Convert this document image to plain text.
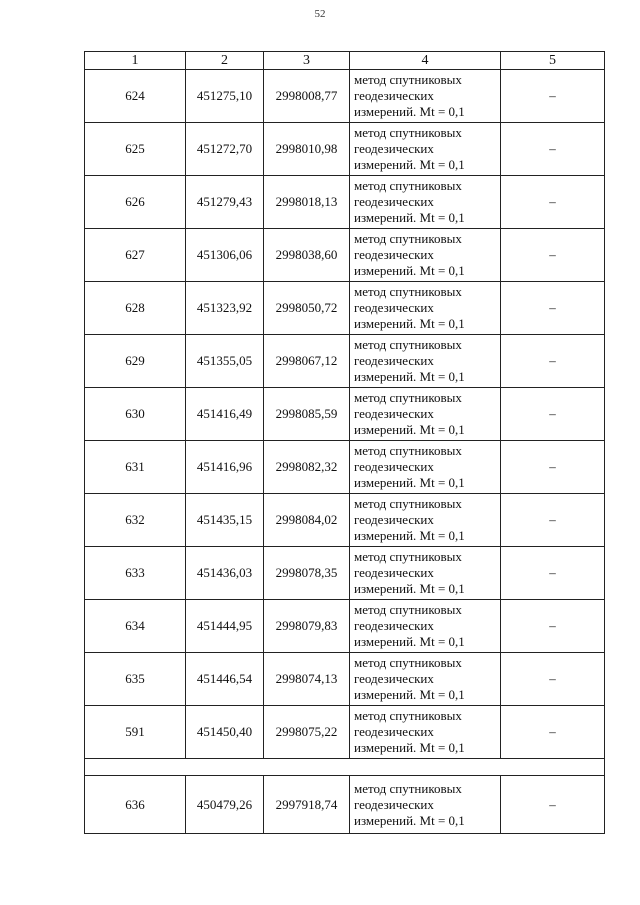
52
1	2	3	4	5
624	451275,10	2998008,77	метод спутниковых геодезических измерений. Mt = 0,1	–
625	451272,70	2998010,98	метод спутниковых геодезических измерений. Mt = 0,1	–
626	451279,43	2998018,13	метод спутниковых геодезических измерений. Mt = 0,1	–
627	451306,06	2998038,60	метод спутниковых геодезических измерений. Mt = 0,1	–
628	451323,92	2998050,72	метод спутниковых геодезических измерений. Mt = 0,1	–
629	451355,05	2998067,12	метод спутниковых геодезических измерений. Mt = 0,1	–
630	451416,49	2998085,59	метод спутниковых геодезических измерений. Mt = 0,1	–
631	451416,96	2998082,32	метод спутниковых геодезических измерений. Mt = 0,1	–
632	451435,15	2998084,02	метод спутниковых геодезических измерений. Mt = 0,1	–
633	451436,03	2998078,35	метод спутниковых геодезических измерений. Mt = 0,1	–
634	451444,95	2998079,83	метод спутниковых геодезических измерений. Mt = 0,1	–
635	451446,54	2998074,13	метод спутниковых геодезических измерений. Mt = 0,1	–
591	451450,40	2998075,22	метод спутниковых геодезических измерений. Mt = 0,1	–

636	450479,26	2997918,74	метод спутниковых геодезических измерений. Mt = 0,1	–
